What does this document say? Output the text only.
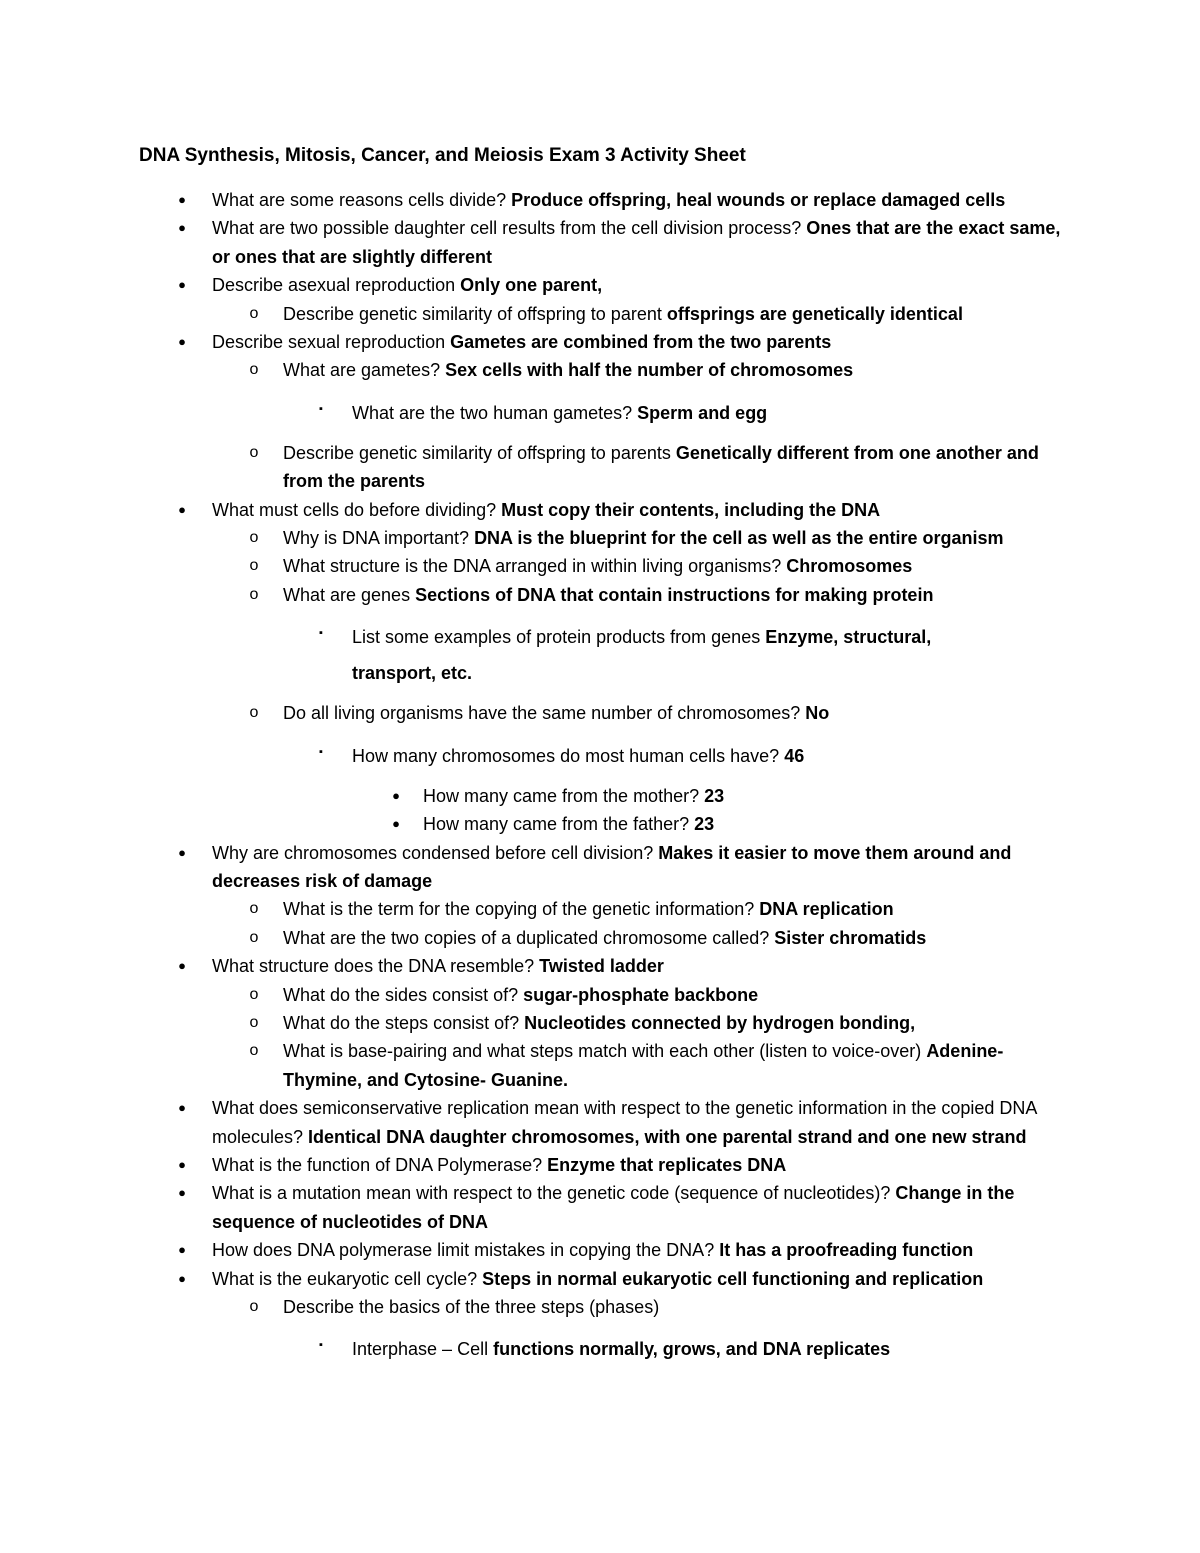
DNA Synthesis, Mitosis, Cancer, and Meiosis Exam 3 Activity Sheet
●	What are some reasons cells divide? Produce offspring, heal wounds or replace damaged cells
●	What are two possible daughter cell results from the cell division process? Ones that are the exact same, or ones that are slightly different
●	Describe asexual reproduction Only one parent,
o	Describe genetic similarity of offspring to parent offsprings are genetically identical
●	Describe sexual reproduction Gametes are combined from the two parents
o	What are gametes? Sex cells with half the number of chromosomes
▪	What are the two human gametes? Sperm and egg
o	Describe genetic similarity of offspring to parents Genetically different from one another and from the parents
●	What must cells do before dividing? Must copy their contents, including the DNA
o	Why is DNA important? DNA is the blueprint for the cell as well as the entire organism
o	What structure is the DNA arranged in within living organisms? Chromosomes
o	What are genes Sections of DNA that contain instructions for making protein
▪	List some examples of protein products from genes Enzyme, structural, transport, etc.
o	Do all living organisms have the same number of chromosomes? No
▪	How many chromosomes do most human cells have? 46
●	How many came from the mother? 23
●	How many came from the father? 23
●	Why are chromosomes condensed before cell division? Makes it easier to move them around and decreases risk of damage
o	What is the term for the copying of the genetic information? DNA replication
o	What are the two copies of a duplicated chromosome called? Sister chromatids
●	What structure does the DNA resemble? Twisted ladder
o	What do the sides consist of? sugar-phosphate backbone
o	What do the steps consist of? Nucleotides connected by hydrogen bonding,
o	What is base-pairing and what steps match with each other (listen to voice-over) Adenine-Thymine, and Cytosine- Guanine.
●	What does semiconservative replication mean with respect to the genetic information in the copied DNA molecules? Identical DNA daughter chromosomes, with one parental strand and one new strand
●	What is the function of DNA Polymerase? Enzyme that replicates DNA
●	What is a mutation mean with respect to the genetic code (sequence of nucleotides)? Change in the sequence of nucleotides of DNA
●	How does DNA polymerase limit mistakes in copying the DNA? It has a proofreading function
●	What is the eukaryotic cell cycle? Steps in normal eukaryotic cell functioning and replication
o	Describe the basics of the three steps (phases)
▪	Interphase – Cell functions normally, grows, and DNA replicates
